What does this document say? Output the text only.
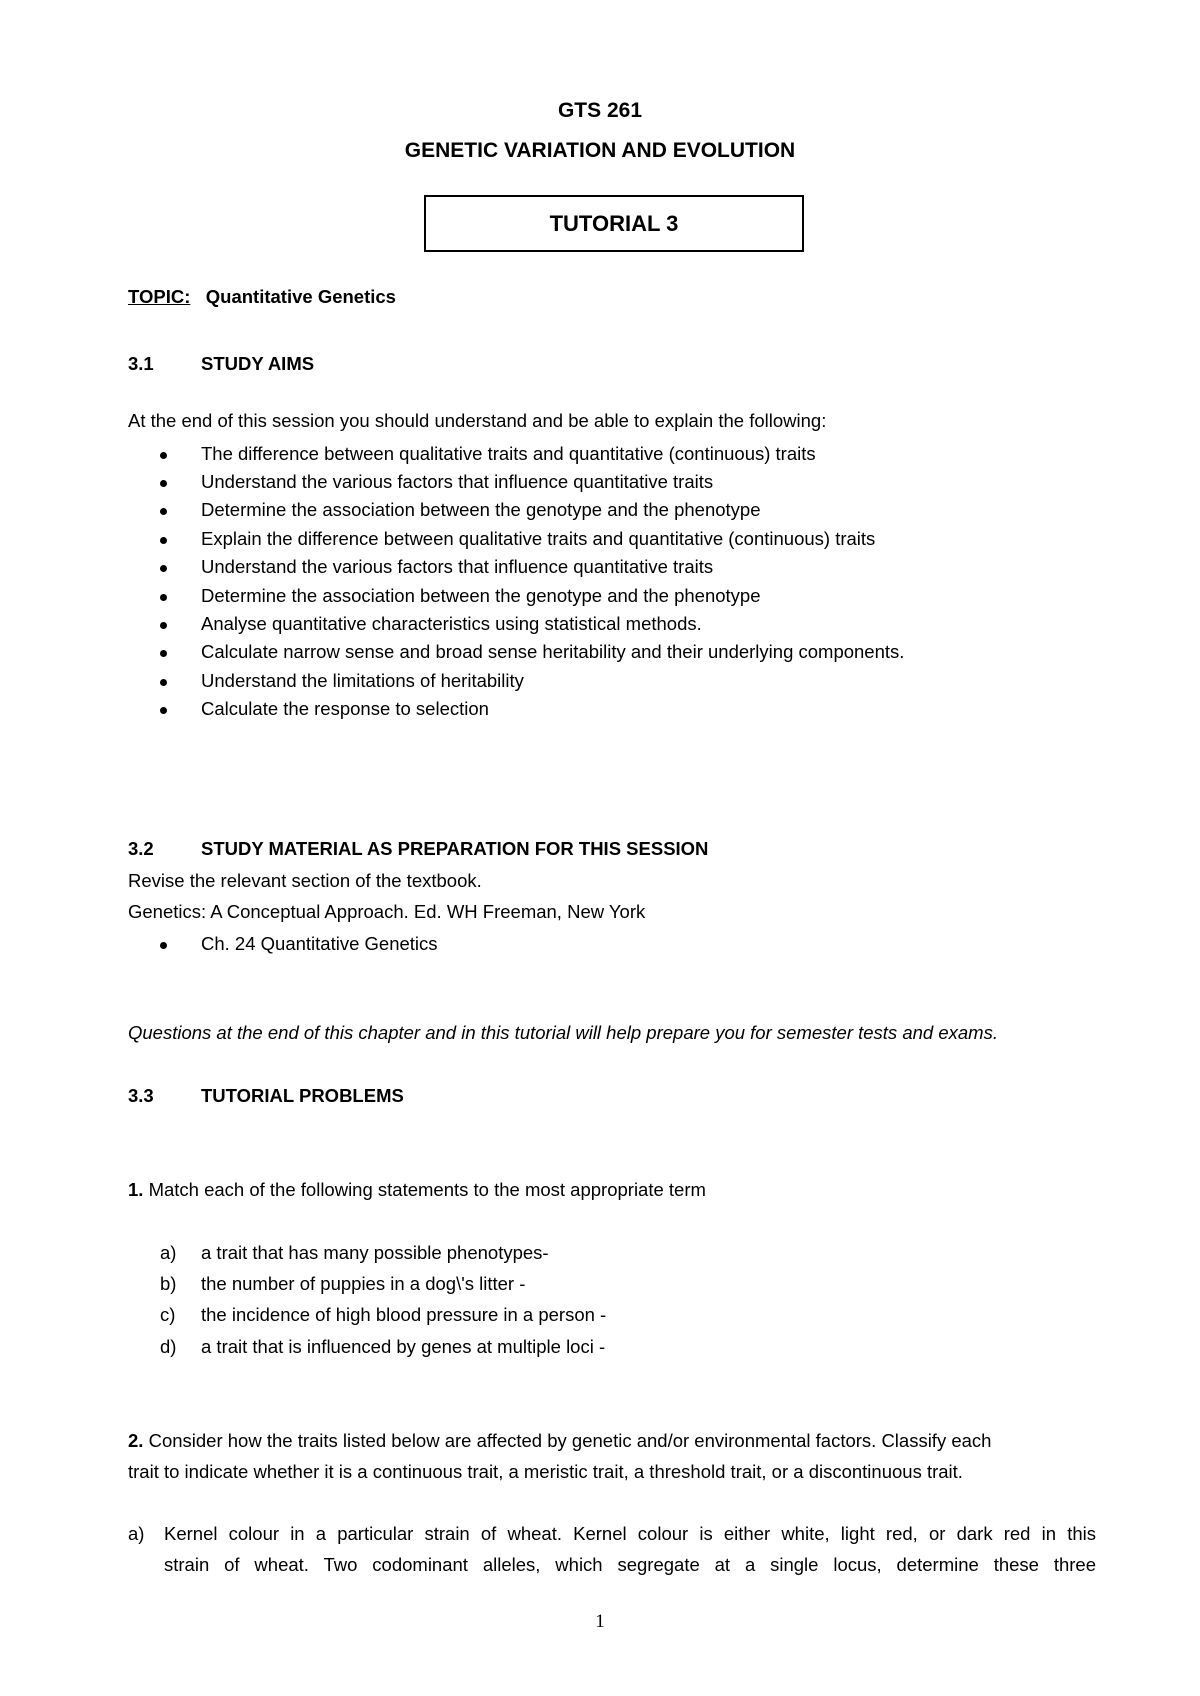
GTS 261

GENETIC VARIATION AND EVOLUTION

TUTORIAL 3

TOPIC: Quantitative Genetics

3.1	STUDY AIMS

At the end of this session you should understand and be able to explain the following:

The difference between qualitative traits and quantitative (continuous) traits
Understand the various factors that influence quantitative traits
Determine the association between the genotype and the phenotype
Explain the difference between qualitative traits and quantitative (continuous) traits
Understand the various factors that influence quantitative traits
Determine the association between the genotype and the phenotype
Analyse quantitative characteristics using statistical methods.
Calculate narrow sense and broad sense heritability and their underlying components.
Understand the limitations of heritability
Calculate the response to selection

3.2	STUDY MATERIAL AS PREPARATION FOR THIS SESSION

Revise the relevant section of the textbook.

Genetics: A Conceptual Approach. Ed. WH Freeman, New York

Ch. 24 Quantitative Genetics

Questions at the end of this chapter and in this tutorial will help prepare you for semester tests and exams.

3.3	TUTORIAL PROBLEMS

1. Match each of the following statements to the most appropriate term

a) a trait that has many possible phenotypes-

b) the number of puppies in a dog\'s litter -

c) the incidence of high blood pressure in a person -

d) a trait that is influenced by genes at multiple loci -

2. Consider how the traits listed below are affected by genetic and/or environmental factors. Classify each

trait to indicate whether it is a continuous trait, a meristic trait, a threshold trait, or a discontinuous trait.

a) Kernel colour in a particular strain of wheat. Kernel colour is either white, light red, or dark red in this

strain of wheat. Two codominant alleles, which segregate at a single locus, determine these three

1
